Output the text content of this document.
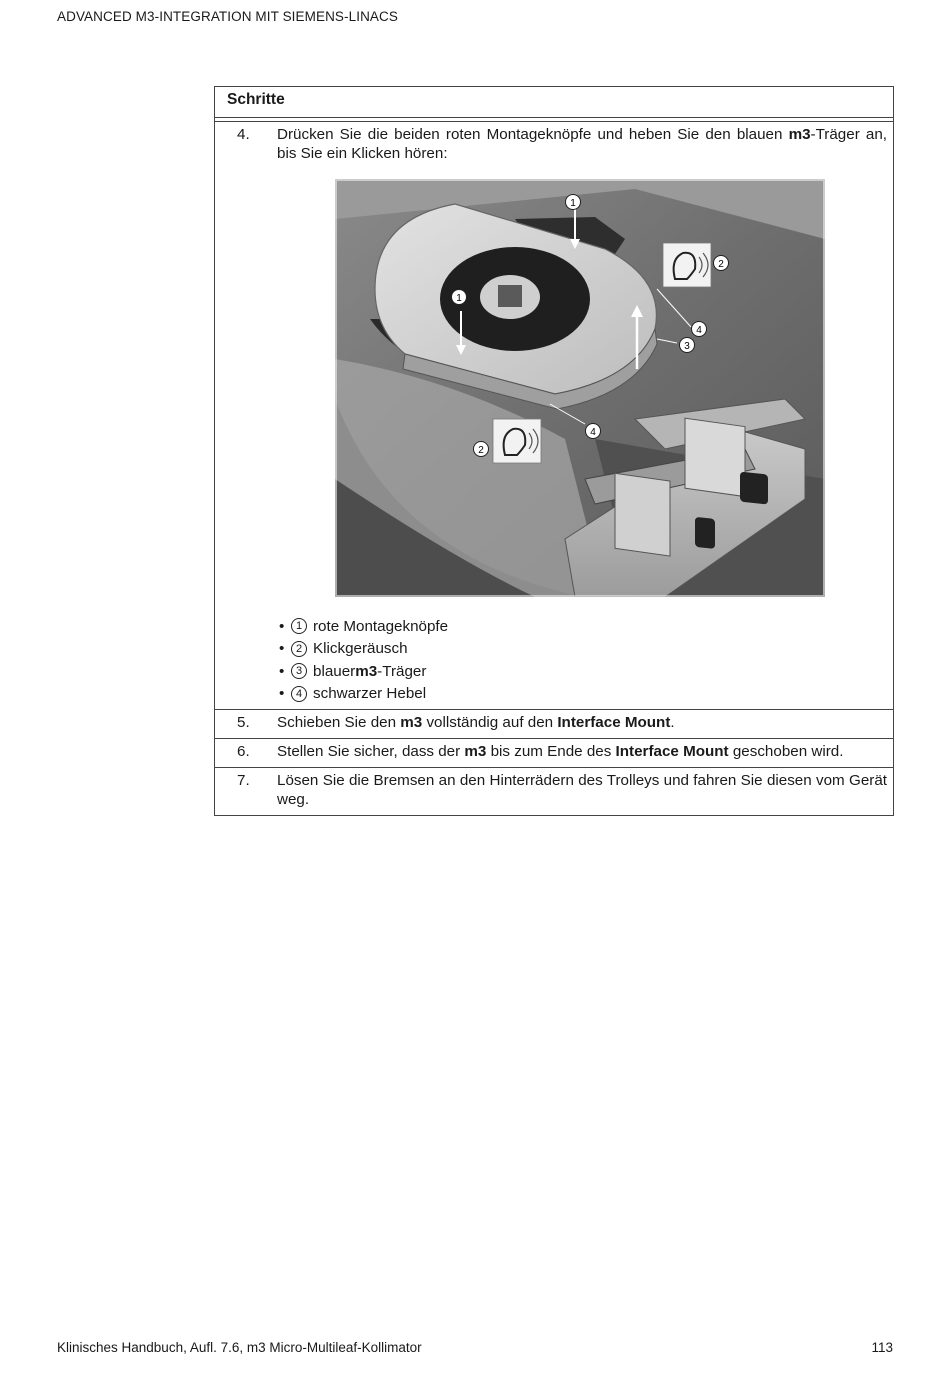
ADVANCED M3-INTEGRATION MIT SIEMENS-LINACS
Schritte
4. Drücken Sie die beiden roten Montageknöpfe und heben Sie den blauen m3-Träger an, bis Sie ein Klicken hören:
1
1
2
2
3
4
4
•	1 rote Montageknöpfe
•	2 Klickgeräusch
•	3 blauer m3 -Träger
•	4 schwarzer Hebel
5. Schieben Sie den m3 vollständig auf den Interface Mount.
6. Stellen Sie sicher, dass der m3 bis zum Ende des Interface Mount geschoben wird.
7. Lösen Sie die Bremsen an den Hinterrädern des Trolleys und fahren Sie diesen vom Gerät weg.
Klinisches Handbuch, Aufl. 7.6, m3 Micro-Multileaf-Kollimator	113
